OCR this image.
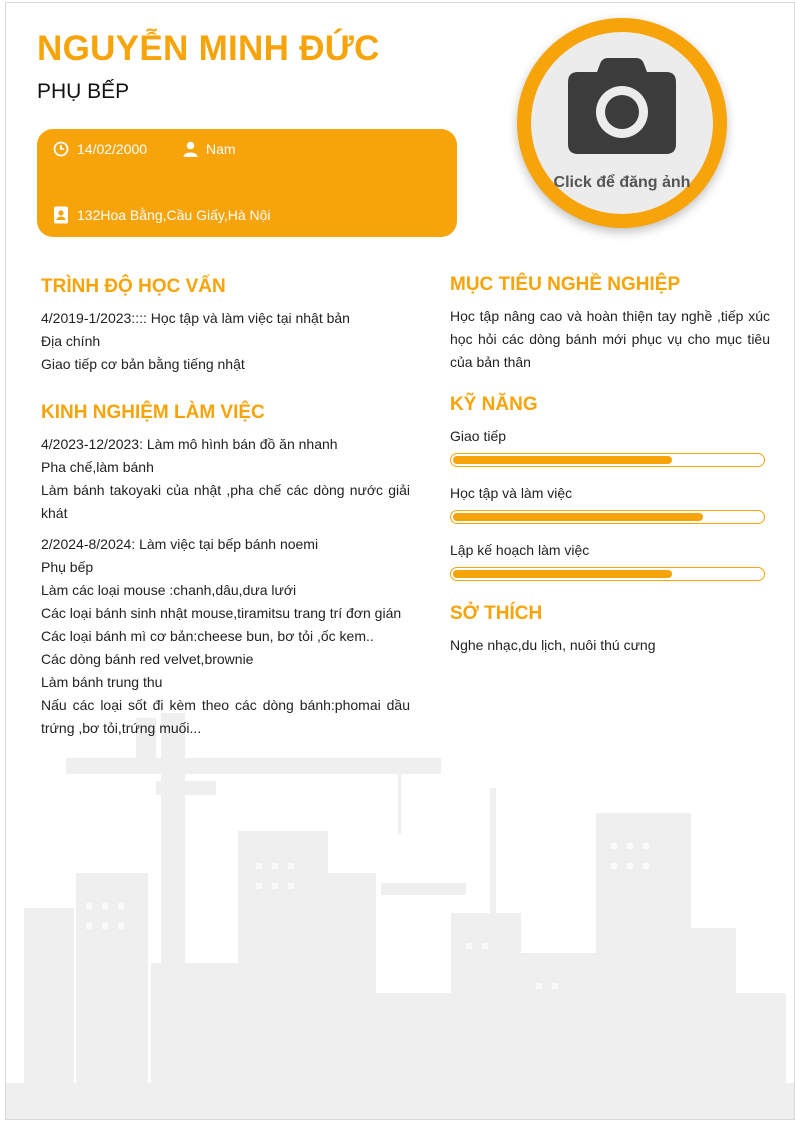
NGUYỄN MINH ĐỨC
PHỤ BẾP
14/02/2000	Nam
132Hoa Bằng,Cầu Giấy,Hà Nội
Click để đăng ảnh
TRÌNH ĐỘ HỌC VẤN
4/2019-1/2023:::: Học tập và làm việc tại nhật bản
Địa chính
Giao tiếp cơ bản bằng tiếng nhật
KINH NGHIỆM LÀM VIỆC
4/2023-12/2023: Làm mô hình bán đồ ăn nhanh
Pha chế,làm bánh
Làm bánh takoyaki của nhật ,pha chế các dòng nước giải khát
2/2024-8/2024: Làm việc tại bếp bánh noemi
Phụ bếp
Làm các loại mouse :chanh,dâu,dưa lưới
Các loại bánh sinh nhật mouse,tiramitsu trang trí đơn gián
Các loại bánh mì cơ bản:cheese bun, bơ tỏi ,ốc kem..
Các dòng bánh red velvet,brownie
Làm bánh trung thu
Nấu các loại sốt đi kèm theo các dòng bánh:phomai dầu trứng ,bơ tỏi,trứng muối...
MỤC TIÊU NGHỀ NGHIỆP
Học tập nâng cao và hoàn thiện tay nghề ,tiếp xúc học hỏi các dòng bánh mới phục vụ cho mục tiêu của bản thân
KỸ NĂNG
Giao tiếp
Học tập và làm việc
Lập kế hoạch làm việc
SỞ THÍCH
Nghe nhạc,du lịch, nuôi thú cưng
